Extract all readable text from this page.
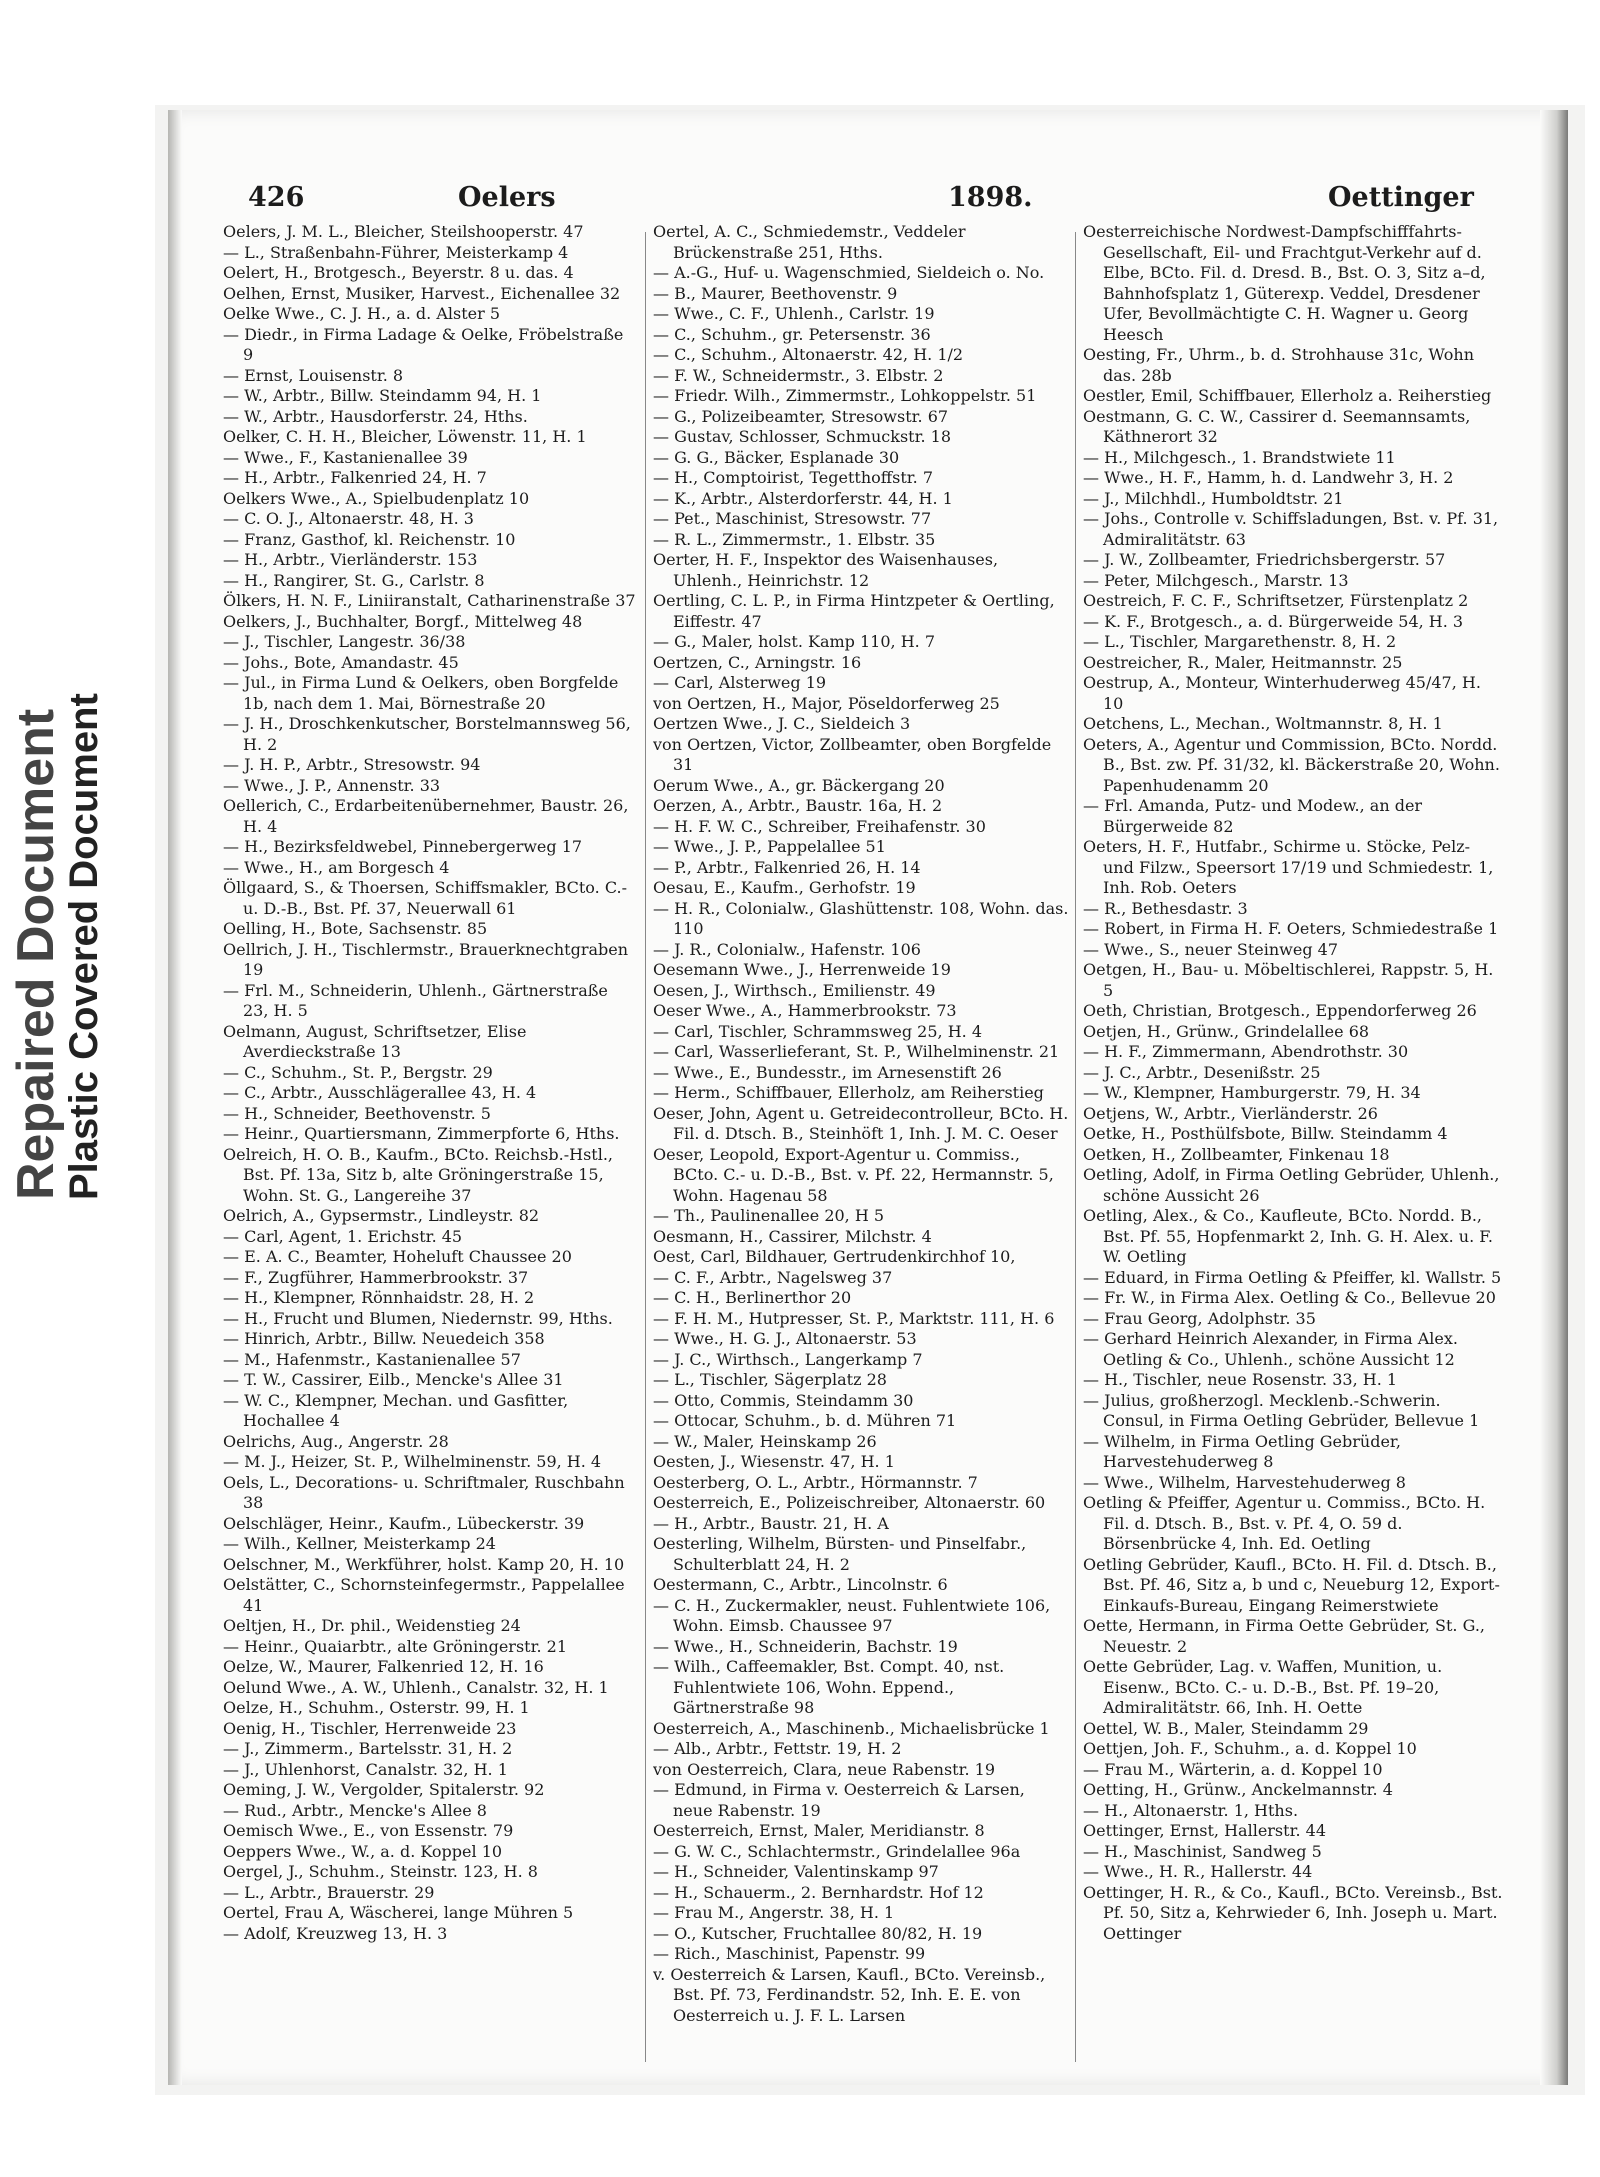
Repaired Document
Plastic Covered Document
426	Oelers	1898.	Oettinger

Oelers, J. M. L., Bleicher, Steilshooperstr. 47

— L., Straßenbahn-Führer, Meisterkamp 4

Oelert, H., Brotgesch., Beyerstr. 8 u. das. 4

Oelhen, Ernst, Musiker, Harvest., Eichenallee 32

Oelke Wwe., C. J. H., a. d. Alster 5

— Diedr., in Firma Ladage & Oelke, Fröbelstraße 9

— Ernst, Louisenstr. 8

— W., Arbtr., Billw. Steindamm 94, H. 1

— W., Arbtr., Hausdorferstr. 24, Hths.

Oelker, C. H. H., Bleicher, Löwenstr. 11, H. 1

— Wwe., F., Kastanienallee 39

— H., Arbtr., Falkenried 24, H. 7

Oelkers Wwe., A., Spielbudenplatz 10

— C. O. J., Altonaerstr. 48, H. 3

— Franz, Gasthof, kl. Reichenstr. 10

— H., Arbtr., Vierländerstr. 153

— H., Rangirer, St. G., Carlstr. 8

Ölkers, H. N. F., Liniiranstalt, Catharinenstraße 37

Oelkers, J., Buchhalter, Borgf., Mittelweg 48

— J., Tischler, Langestr. 36/38

— Johs., Bote, Amandastr. 45

— Jul., in Firma Lund & Oelkers, oben Borgfelde 1b, nach dem 1. Mai, Börnestraße 20

— J. H., Droschkenkutscher, Borstelmannsweg 56, H. 2

— J. H. P., Arbtr., Stresowstr. 94

— Wwe., J. P., Annenstr. 33

Oellerich, C., Erdarbeitenübernehmer, Baustr. 26, H. 4

— H., Bezirksfeldwebel, Pinnebergerweg 17

— Wwe., H., am Borgesch 4

Öllgaard, S., & Thoersen, Schiffsmakler, BCto. C.- u. D.-B., Bst. Pf. 37, Neuerwall 61

Oelling, H., Bote, Sachsenstr. 85

Oellrich, J. H., Tischlermstr., Brauerknechtgraben 19

— Frl. M., Schneiderin, Uhlenh., Gärtnerstraße 23, H. 5

Oelmann, August, Schriftsetzer, Elise Averdieckstraße 13

— C., Schuhm., St. P., Bergstr. 29

— C., Arbtr., Ausschlägerallee 43, H. 4

— H., Schneider, Beethovenstr. 5

— Heinr., Quartiersmann, Zimmerpforte 6, Hths.

Oelreich, H. O. B., Kaufm., BCto. Reichsb.-Hstl., Bst. Pf. 13a, Sitz b, alte Gröningerstraße 15, Wohn. St. G., Langereihe 37

Oelrich, A., Gypsermstr., Lindleystr. 82

— Carl, Agent, 1. Erichstr. 45

— E. A. C., Beamter, Hoheluft Chaussee 20

— F., Zugführer, Hammerbrookstr. 37

— H., Klempner, Rönnhaidstr. 28, H. 2

— H., Frucht und Blumen, Niedernstr. 99, Hths.

— Hinrich, Arbtr., Billw. Neuedeich 358

— M., Hafenmstr., Kastanienallee 57

— T. W., Cassirer, Eilb., Mencke's Allee 31

— W. C., Klempner, Mechan. und Gasfitter, Hochallee 4

Oelrichs, Aug., Angerstr. 28

— M. J., Heizer, St. P., Wilhelminenstr. 59, H. 4

Oels, L., Decorations- u. Schriftmaler, Ruschbahn 38

Oelschläger, Heinr., Kaufm., Lübeckerstr. 39

— Wilh., Kellner, Meisterkamp 24

Oelschner, M., Werkführer, holst. Kamp 20, H. 10

Oelstätter, C., Schornsteinfegermstr., Pappelallee 41

Oeltjen, H., Dr. phil., Weidenstieg 24

— Heinr., Quaiarbtr., alte Gröningerstr. 21

Oelze, W., Maurer, Falkenried 12, H. 16

Oelund Wwe., A. W., Uhlenh., Canalstr. 32, H. 1

Oelze, H., Schuhm., Osterstr. 99, H. 1

Oenig, H., Tischler, Herrenweide 23

— J., Zimmerm., Bartelsstr. 31, H. 2

— J., Uhlenhorst, Canalstr. 32, H. 1

Oeming, J. W., Vergolder, Spitalerstr. 92

— Rud., Arbtr., Mencke's Allee 8

Oemisch Wwe., E., von Essenstr. 79

Oeppers Wwe., W., a. d. Koppel 10

Oergel, J., Schuhm., Steinstr. 123, H. 8

— L., Arbtr., Brauerstr. 29

Oertel, Frau A, Wäscherei, lange Mühren 5

— Adolf, Kreuzweg 13, H. 3

Oertel, A. C., Schmiedemstr., Veddeler Brückenstraße 251, Hths.

— A.-G., Huf- u. Wagenschmied, Sieldeich o. No.

— B., Maurer, Beethovenstr. 9

— Wwe., C. F., Uhlenh., Carlstr. 19

— C., Schuhm., gr. Petersenstr. 36

— C., Schuhm., Altonaerstr. 42, H. 1/2

— F. W., Schneidermstr., 3. Elbstr. 2

— Friedr. Wilh., Zimmermstr., Lohkoppelstr. 51

— G., Polizeibeamter, Stresowstr. 67

— Gustav, Schlosser, Schmuckstr. 18

— G. G., Bäcker, Esplanade 30

— H., Comptoirist, Tegetthoffstr. 7

— K., Arbtr., Alsterdorferstr. 44, H. 1

— Pet., Maschinist, Stresowstr. 77

— R. L., Zimmermstr., 1. Elbstr. 35

Oerter, H. F., Inspektor des Waisenhauses, Uhlenh., Heinrichstr. 12

Oertling, C. L. P., in Firma Hintzpeter & Oertling, Eiffestr. 47

— G., Maler, holst. Kamp 110, H. 7

Oertzen, C., Arningstr. 16

— Carl, Alsterweg 19

von Oertzen, H., Major, Pöseldorferweg 25

Oertzen Wwe., J. C., Sieldeich 3

von Oertzen, Victor, Zollbeamter, oben Borgfelde 31

Oerum Wwe., A., gr. Bäckergang 20

Oerzen, A., Arbtr., Baustr. 16a, H. 2

— H. F. W. C., Schreiber, Freihafenstr. 30

— Wwe., J. P., Pappelallee 51

— P., Arbtr., Falkenried 26, H. 14

Oesau, E., Kaufm., Gerhofstr. 19

— H. R., Colonialw., Glashüttenstr. 108, Wohn. das. 110

— J. R., Colonialw., Hafenstr. 106

Oesemann Wwe., J., Herrenweide 19

Oesen, J., Wirthsch., Emilienstr. 49

Oeser Wwe., A., Hammerbrookstr. 73

— Carl, Tischler, Schrammsweg 25, H. 4

— Carl, Wasserlieferant, St. P., Wilhelminenstr. 21

— Wwe., E., Bundesstr., im Arnesenstift 26

— Herm., Schiffbauer, Ellerholz, am Reiherstieg

Oeser, John, Agent u. Getreidecontrolleur, BCto. H. Fil. d. Dtsch. B., Steinhöft 1, Inh. J. M. C. Oeser

Oeser, Leopold, Export-Agentur u. Commiss., BCto. C.- u. D.-B., Bst. v. Pf. 22, Hermannstr. 5, Wohn. Hagenau 58

— Th., Paulinenallee 20, H 5

Oesmann, H., Cassirer, Milchstr. 4

Oest, Carl, Bildhauer, Gertrudenkirchhof 10,

— C. F., Arbtr., Nagelsweg 37

— C. H., Berlinerthor 20

— F. H. M., Hutpresser, St. P., Marktstr. 111, H. 6

— Wwe., H. G. J., Altonaerstr. 53

— J. C., Wirthsch., Langerkamp 7

— L., Tischler, Sägerplatz 28

— Otto, Commis, Steindamm 30

— Ottocar, Schuhm., b. d. Mühren 71

— W., Maler, Heinskamp 26

Oesten, J., Wiesenstr. 47, H. 1

Oesterberg, O. L., Arbtr., Hörmannstr. 7

Oesterreich, E., Polizeischreiber, Altonaerstr. 60

— H., Arbtr., Baustr. 21, H. A

Oesterling, Wilhelm, Bürsten- und Pinselfabr., Schulterblatt 24, H. 2

Oestermann, C., Arbtr., Lincolnstr. 6

— C. H., Zuckermakler, neust. Fuhlentwiete 106, Wohn. Eimsb. Chaussee 97

— Wwe., H., Schneiderin, Bachstr. 19

— Wilh., Caffeemakler, Bst. Compt. 40, nst. Fuhlentwiete 106, Wohn. Eppend., Gärtnerstraße 98

Oesterreich, A., Maschinenb., Michaelisbrücke 1

— Alb., Arbtr., Fettstr. 19, H. 2

von Oesterreich, Clara, neue Rabenstr. 19

— Edmund, in Firma v. Oesterreich & Larsen, neue Rabenstr. 19

Oesterreich, Ernst, Maler, Meridianstr. 8

— G. W. C., Schlachtermstr., Grindelallee 96a

— H., Schneider, Valentinskamp 97

— H., Schauerm., 2. Bernhardstr. Hof 12

— Frau M., Angerstr. 38, H. 1

— O., Kutscher, Fruchtallee 80/82, H. 19

— Rich., Maschinist, Papenstr. 99

v. Oesterreich & Larsen, Kaufl., BCto. Vereinsb., Bst. Pf. 73, Ferdinandstr. 52, Inh. E. E. von Oesterreich u. J. F. L. Larsen

Oesterreichische Nordwest-Dampfschifffahrts-Gesellschaft, Eil- und Frachtgut-Verkehr auf d. Elbe, BCto. Fil. d. Dresd. B., Bst. O. 3, Sitz a–d, Bahnhofsplatz 1, Güterexp. Veddel, Dresdener Ufer, Bevollmächtigte C. H. Wagner u. Georg Heesch

Oesting, Fr., Uhrm., b. d. Strohhause 31c, Wohn das. 28b

Oestler, Emil, Schiffbauer, Ellerholz a. Reiherstieg

Oestmann, G. C. W., Cassirer d. Seemannsamts, Käthnerort 32

— H., Milchgesch., 1. Brandstwiete 11

— Wwe., H. F., Hamm, h. d. Landwehr 3, H. 2

— J., Milchhdl., Humboldtstr. 21

— Johs., Controlle v. Schiffsladungen, Bst. v. Pf. 31, Admiralitätstr. 63

— J. W., Zollbeamter, Friedrichsbergerstr. 57

— Peter, Milchgesch., Marstr. 13

Oestreich, F. C. F., Schriftsetzer, Fürstenplatz 2

— K. F., Brotgesch., a. d. Bürgerweide 54, H. 3

— L., Tischler, Margarethenstr. 8, H. 2

Oestreicher, R., Maler, Heitmannstr. 25

Oestrup, A., Monteur, Winterhuderweg 45/47, H. 10

Oetchens, L., Mechan., Woltmannstr. 8, H. 1

Oeters, A., Agentur und Commission, BCto. Nordd. B., Bst. zw. Pf. 31/32, kl. Bäckerstraße 20, Wohn. Papenhudenamm 20

— Frl. Amanda, Putz- und Modew., an der Bürgerweide 82

Oeters, H. F., Hutfabr., Schirme u. Stöcke, Pelz- und Filzw., Speersort 17/19 und Schmiedestr. 1, Inh. Rob. Oeters

— R., Bethesdastr. 3

— Robert, in Firma H. F. Oeters, Schmiedestraße 1

— Wwe., S., neuer Steinweg 47

Oetgen, H., Bau- u. Möbeltischlerei, Rappstr. 5, H. 5

Oeth, Christian, Brotgesch., Eppendorferweg 26

Oetjen, H., Grünw., Grindelallee 68

— H. F., Zimmermann, Abendrothstr. 30

— J. C., Arbtr., Desenißstr. 25

— W., Klempner, Hamburgerstr. 79, H. 34

Oetjens, W., Arbtr., Vierländerstr. 26

Oetke, H., Posthülfsbote, Billw. Steindamm 4

Oetken, H., Zollbeamter, Finkenau 18

Oetling, Adolf, in Firma Oetling Gebrüder, Uhlenh., schöne Aussicht 26

Oetling, Alex., & Co., Kaufleute, BCto. Nordd. B., Bst. Pf. 55, Hopfenmarkt 2, Inh. G. H. Alex. u. F. W. Oetling

— Eduard, in Firma Oetling & Pfeiffer, kl. Wallstr. 5

— Fr. W., in Firma Alex. Oetling & Co., Bellevue 20

— Frau Georg, Adolphstr. 35

— Gerhard Heinrich Alexander, in Firma Alex. Oetling & Co., Uhlenh., schöne Aussicht 12

— H., Tischler, neue Rosenstr. 33, H. 1

— Julius, großherzogl. Mecklenb.-Schwerin. Consul, in Firma Oetling Gebrüder, Bellevue 1

— Wilhelm, in Firma Oetling Gebrüder, Harvestehuderweg 8

— Wwe., Wilhelm, Harvestehuderweg 8

Oetling & Pfeiffer, Agentur u. Commiss., BCto. H. Fil. d. Dtsch. B., Bst. v. Pf. 4, O. 59 d. Börsenbrücke 4, Inh. Ed. Oetling

Oetling Gebrüder, Kaufl., BCto. H. Fil. d. Dtsch. B., Bst. Pf. 46, Sitz a, b und c, Neueburg 12, Export-Einkaufs-Bureau, Eingang Reimerstwiete

Oette, Hermann, in Firma Oette Gebrüder, St. G., Neuestr. 2

Oette Gebrüder, Lag. v. Waffen, Munition, u. Eisenw., BCto. C.- u. D.-B., Bst. Pf. 19–20, Admiralitätstr. 66, Inh. H. Oette

Oettel, W. B., Maler, Steindamm 29

Oettjen, Joh. F., Schuhm., a. d. Koppel 10

— Frau M., Wärterin, a. d. Koppel 10

Oetting, H., Grünw., Anckelmannstr. 4

— H., Altonaerstr. 1, Hths.

Oettinger, Ernst, Hallerstr. 44

— H., Maschinist, Sandweg 5

— Wwe., H. R., Hallerstr. 44

Oettinger, H. R., & Co., Kaufl., BCto. Vereinsb., Bst. Pf. 50, Sitz a, Kehrwieder 6, Inh. Joseph u. Mart. Oettinger
